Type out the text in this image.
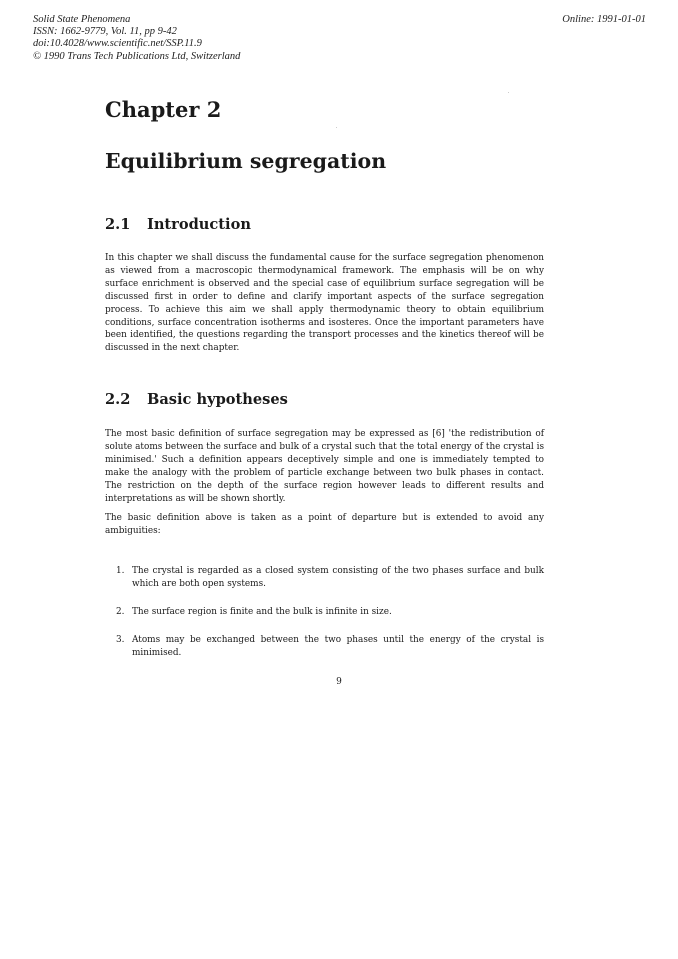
Solid State Phenomena
ISSN: 1662-9779, Vol. 11, pp 9-42
doi:10.4028/www.scientific.net/SSP.11.9
© 1990 Trans Tech Publications Ltd, Switzerland
Online: 1991-01-01
Chapter 2
Equilibrium segregation
2.1 Introduction

In this chapter we shall discuss the fundamental cause for the surface segregation phenomenon as viewed from a macroscopic thermodynamical framework. The emphasis will be on why surface enrichment is observed and the special case of equilibrium surface segregation will be discussed first in order to define and clarify important aspects of the surface segregation process. To achieve this aim we shall apply thermodynamic theory to obtain equilibrium conditions, surface concentration isotherms and isosteres. Once the important parameters have been identified, the questions regarding the transport processes and the kinetics thereof will be discussed in the next chapter.

2.2 Basic hypotheses

The most basic definition of surface segregation may be expressed as [6] 'the redistribution of solute atoms between the surface and bulk of a crystal such that the total energy of the crystal is minimised.' Such a definition appears deceptively simple and one is immediately tempted to make the analogy with the problem of particle exchange between two bulk phases in contact. The restriction on the depth of the surface region however leads to different results and interpretations as will be shown shortly.

The basic definition above is taken as a point of departure but is extended to avoid any ambiguities:

1. The crystal is regarded as a closed system consisting of the two phases surface and bulk which are both open systems.
2. The surface region is finite and the bulk is infinite in size.
3. Atoms may be exchanged between the two phases until the energy of the crystal is minimised.
9
